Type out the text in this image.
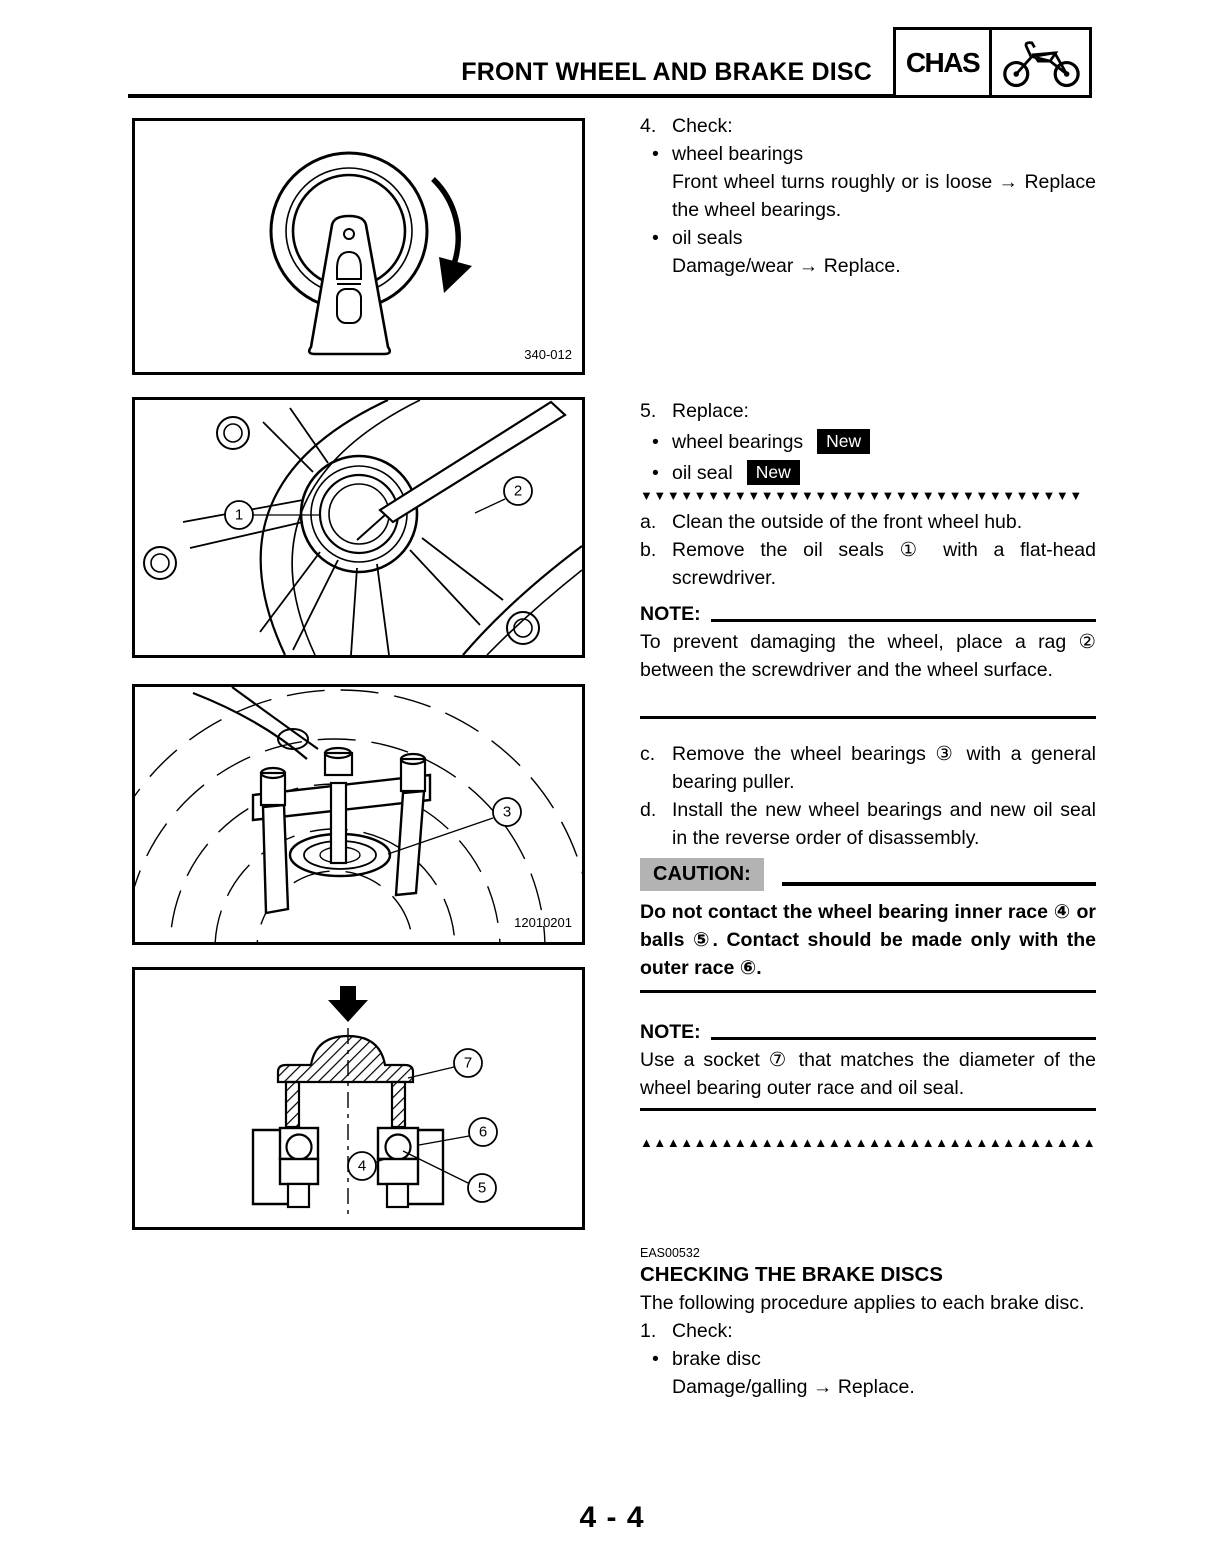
FRONT WHEEL AND BRAKE DISC	CHAS
340-012
1
2
3
12010201
7
6
4
5
4. Check:
• wheel bearings
Front wheel turns roughly or is loose → Replace the wheel bearings.
• oil seals
Damage/wear → Replace.
5. Replace:
• wheel bearings New
• oil seal New
▼▼▼▼▼▼▼▼▼▼▼▼▼▼▼▼▼▼▼▼▼▼▼▼▼▼▼▼▼▼▼▼▼
a. Clean the outside of the front wheel hub.
b. Remove the oil seals ① with a flat-head screwdriver.
NOTE:
To prevent damaging the wheel, place a rag ② between the screwdriver and the wheel surface.
c. Remove the wheel bearings ③ with a general bearing puller.
d. Install the new wheel bearings and new oil seal in the reverse order of disassembly.
CAUTION:
Do not contact the wheel bearing inner race ④ or balls ⑤. Contact should be made only with the outer race ⑥.
NOTE:
Use a socket ⑦ that matches the diameter of the wheel bearing outer race and oil seal.
▲▲▲▲▲▲▲▲▲▲▲▲▲▲▲▲▲▲▲▲▲▲▲▲▲▲▲▲▲▲▲▲▲▲
EAS00532
CHECKING THE BRAKE DISCS
The following procedure applies to each brake disc.
1. Check:
• brake disc
Damage/galling → Replace.
4 - 4
